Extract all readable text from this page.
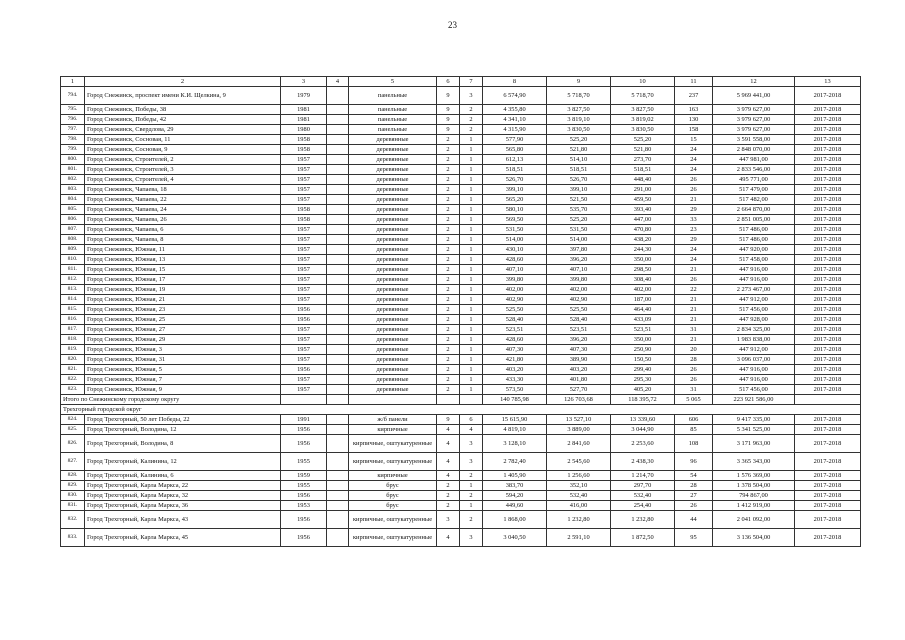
23
1	2	3	4	5	6	7	8	9	10	11	12	13
794.	Город Снежинск, проспект имени К.И. Щелкина, 9	1979		панельные	9	3	6 574,90	5 718,70	5 718,70	237	5 969 441,00	2017-2018
795.	Город Снежинск, Победы, 38	1981		панельные	9	2	4 355,80	3 827,50	3 827,50	163	3 979 627,00	2017-2018
796.	Город Снежинск, Победы, 42	1981		панельные	9	2	4 341,10	3 819,10	3 819,02	130	3 979 627,00	2017-2018
797.	Город Снежинск, Свердлова, 29	1980		панельные	9	2	4 315,90	3 830,50	3 830,50	158	3 979 627,00	2017-2018
798.	Город Снежинск, Сосновая, 11	1958		деревянные	2	1	577,90	525,20	525,20	15	3 591 558,00	2017-2018
799.	Город Снежинск, Сосновая, 9	1958		деревянные	2	1	565,80	521,80	521,80	24	2 848 070,00	2017-2018
800.	Город Снежинск, Строителей, 2	1957		деревянные	2	1	612,13	514,10	273,70	24	447 981,00	2017-2018
801.	Город Снежинск, Строителей, 3	1957		деревянные	2	1	518,51	518,51	518,51	24	2 833 546,00	2017-2018
802.	Город Снежинск, Строителей, 4	1957		деревянные	2	1	526,70	526,70	448,40	26	495 771,00	2017-2018
803.	Город Снежинск, Чапаева, 18	1957		деревянные	2	1	399,10	399,10	291,00	26	517 479,00	2017-2018
804.	Город Снежинск, Чапаева, 22	1957		деревянные	2	1	565,20	521,50	459,50	21	517 482,00	2017-2018
805.	Город Снежинск, Чапаева, 24	1958		деревянные	2	1	580,10	535,70	393,40	29	2 664 870,00	2017-2018
806.	Город Снежинск, Чапаева, 26	1958		деревянные	2	1	569,50	525,20	447,00	33	2 851 005,00	2017-2018
807.	Город Снежинск, Чапаева, 6	1957		деревянные	2	1	531,50	531,50	470,80	23	517 486,00	2017-2018
808.	Город Снежинск, Чапаева, 8	1957		деревянные	2	1	514,00	514,00	438,20	29	517 486,00	2017-2018
809.	Город Снежинск, Южная, 11	1957		деревянные	2	1	430,10	397,80	244,30	24	447 920,00	2017-2018
810.	Город Снежинск, Южная, 13	1957		деревянные	2	1	428,60	396,20	350,00	24	517 458,00	2017-2018
811.	Город Снежинск, Южная, 15	1957		деревянные	2	1	407,10	407,10	298,50	21	447 916,00	2017-2018
812.	Город Снежинск, Южная, 17	1957		деревянные	2	1	399,80	399,80	308,40	26	447 916,00	2017-2018
813.	Город Снежинск, Южная, 19	1957		деревянные	2	1	402,00	402,00	402,00	22	2 273 467,00	2017-2018
814.	Город Снежинск, Южная, 21	1957		деревянные	2	1	402,90	402,90	187,00	21	447 912,00	2017-2018
815.	Город Снежинск, Южная, 23	1956		деревянные	2	1	525,50	525,50	464,40	21	517 456,00	2017-2018
816.	Город Снежинск, Южная, 25	1956		деревянные	2	1	528,40	528,40	433,09	21	447 928,00	2017-2018
817.	Город Снежинск, Южная, 27	1957		деревянные	2	1	523,51	523,51	523,51	31	2 834 325,00	2017-2018
818.	Город Снежинск, Южная, 29	1957		деревянные	2	1	428,60	396,20	350,00	21	1 983 838,00	2017-2018
819.	Город Снежинск, Южная, 3	1957		деревянные	2	1	407,30	407,30	250,90	20	447 912,00	2017-2018
820.	Город Снежинск, Южная, 31	1957		деревянные	2	1	421,80	389,90	150,50	28	3 096 037,00	2017-2018
821.	Город Снежинск, Южная, 5	1956		деревянные	2	1	403,20	403,20	299,40	26	447 916,00	2017-2018
822.	Город Снежинск, Южная, 7	1957		деревянные	2	1	433,30	401,80	295,30	26	447 916,00	2017-2018
823.	Город Снежинск, Южная, 9	1957		деревянные	2	1	573,50	527,70	405,20	31	517 456,00	2017-2018
Итого по Снежинскому городскому округу							140 785,98	126 703,68	118 395,72	5 065	223 921 586,00	
Трехгорный городской округ												
824.	Город Трехгорный, 50 лет Победы, 22	1991		ж/б панели	9	6	15 615,90	13 527,10	13 339,60	606	9 417 335,00	2017-2018
825.	Город Трехгорный, Володина, 12	1956		кирпичные	4	4	4 819,10	3 889,00	3 044,90	85	5 341 525,00	2017-2018
826.	Город Трехгорный, Володина, 8	1956		кирпичные, оштукатуренные	4	3	3 128,10	2 841,60	2 253,60	108	3 171 963,00	2017-2018
827.	Город Трехгорный, Калинина, 12	1955		кирпичные, оштукатуренные	4	3	2 782,40	2 545,60	2 438,30	96	3 365 343,00	2017-2018
828.	Город Трехгорный, Калинина, 6	1959		кирпичные	4	2	1 405,90	1 256,60	1 214,70	54	1 576 369,00	2017-2018
829.	Город Трехгорный, Карла Маркса, 22	1955		брус	2	1	383,70	352,10	297,70	28	1 378 504,00	2017-2018
830.	Город Трехгорный, Карла Маркса, 32	1956		брус	2	2	594,20	532,40	532,40	27	794 867,00	2017-2018
831.	Город Трехгорный, Карла Маркса, 36	1953		брус	2	1	449,60	416,00	254,40	26	1 412 919,00	2017-2018
832.	Город Трехгорный, Карла Маркса, 43	1956		кирпичные, оштукатуренные	3	2	1 868,00	1 232,80	1 232,80	44	2 041 092,00	2017-2018
833.	Город Трехгорный, Карла Маркса, 45	1956		кирпичные, оштукатуренные	4	3	3 040,50	2 591,10	1 872,50	95	3 136 504,00	2017-2018
